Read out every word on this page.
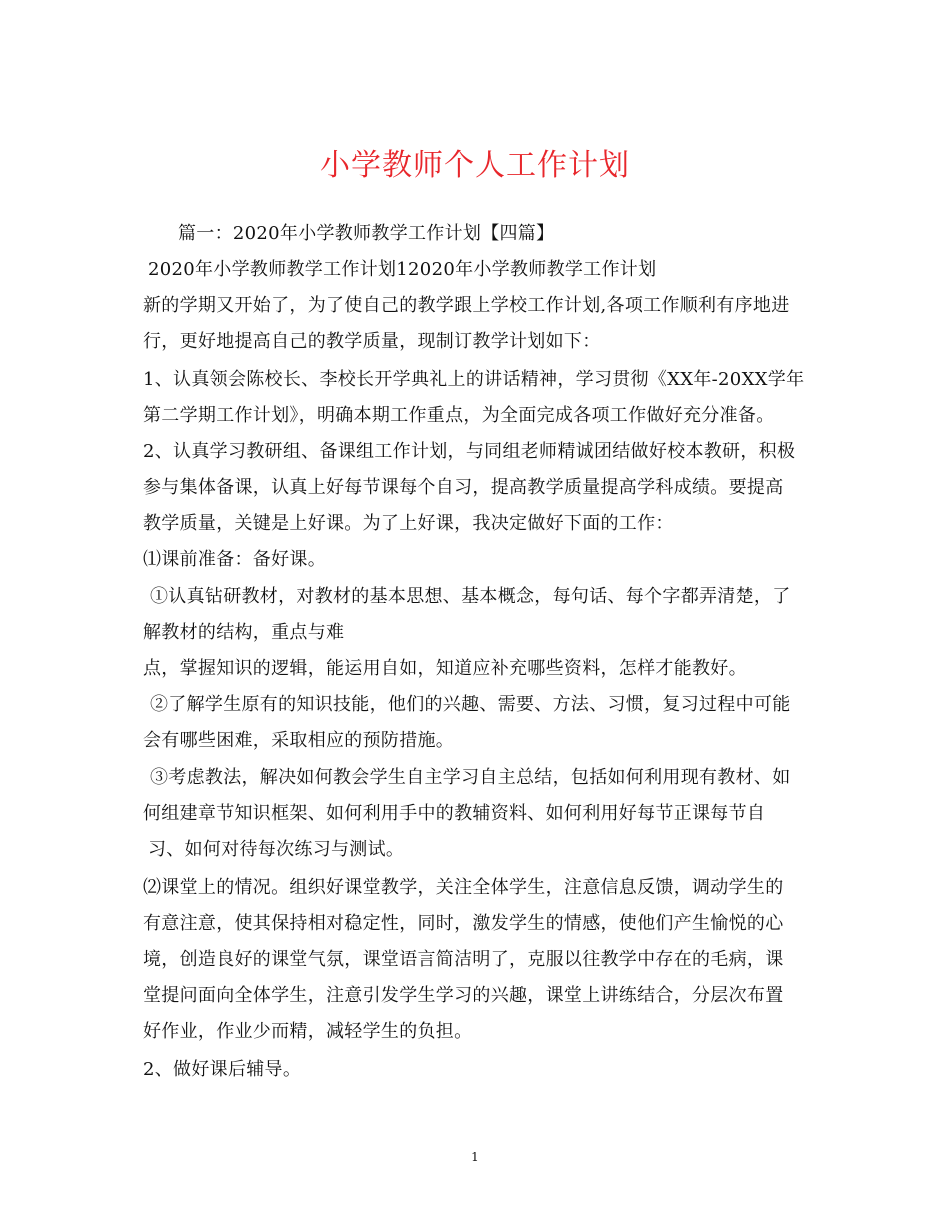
小学教师个人工作计划
篇一：2020年小学教师教学工作计划【四篇】
2020年小学教师教学工作计划12020年小学教师教学工作计划
新的学期又开始了，为了使自己的教学跟上学校工作计划,各项工作顺利有序地进
行，更好地提高自己的教学质量，现制订教学计划如下：
1、认真领会陈校长、李校长开学典礼上的讲话精神，学习贯彻《XX年-20XX学年
第二学期工作计划》，明确本期工作重点，为全面完成各项工作做好充分准备。
2、认真学习教研组、备课组工作计划，与同组老师精诚团结做好校本教研，积极
参与集体备课，认真上好每节课每个自习，提高教学质量提高学科成绩。要提高
教学质量，关键是上好课。为了上好课，我决定做好下面的工作：
⑴课前准备：备好课。
①认真钻研教材，对教材的基本思想、基本概念，每句话、每个字都弄清楚，了
解教材的结构，重点与难
点，掌握知识的逻辑，能运用自如，知道应补充哪些资料，怎样才能教好。
②了解学生原有的知识技能，他们的兴趣、需要、方法、习惯，复习过程中可能
会有哪些困难，采取相应的预防措施。
③考虑教法，解决如何教会学生自主学习自主总结，包括如何利用现有教材、如
何组建章节知识框架、如何利用手中的教辅资料、如何利用好每节正课每节自
习、如何对待每次练习与测试。
⑵课堂上的情况。组织好课堂教学，关注全体学生，注意信息反馈，调动学生的
有意注意，使其保持相对稳定性，同时，激发学生的情感，使他们产生愉悦的心
境，创造良好的课堂气氛，课堂语言简洁明了，克服以往教学中存在的毛病，课
堂提问面向全体学生，注意引发学生学习的兴趣，课堂上讲练结合，分层次布置
好作业，作业少而精，减轻学生的负担。
2、做好课后辅导。
1
